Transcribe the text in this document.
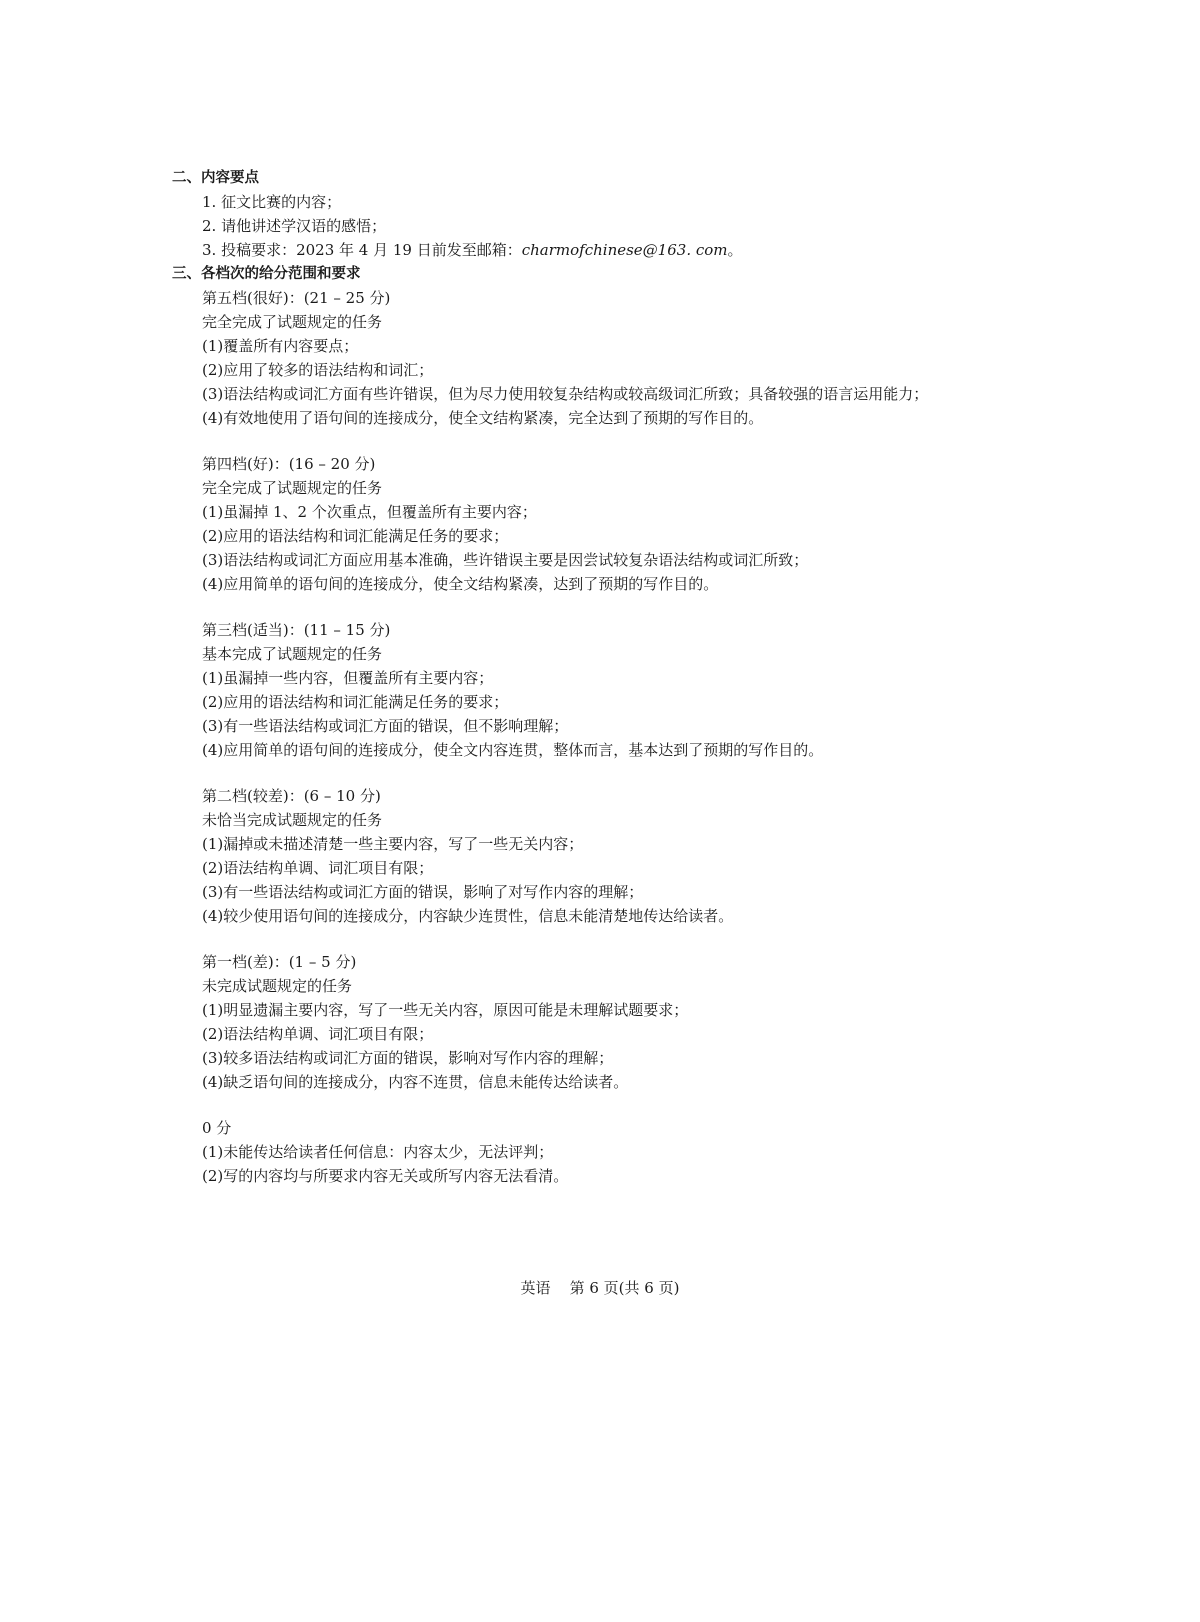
二、内容要点
1. 征文比赛的内容；
2. 请他讲述学汉语的感悟；
3. 投稿要求：2023 年 4 月 19 日前发至邮箱：charmofchinese@163. com。
三、各档次的给分范围和要求
第五档(很好)：(21 – 25 分)
完全完成了试题规定的任务
(1)覆盖所有内容要点；
(2)应用了较多的语法结构和词汇；
(3)语法结构或词汇方面有些许错误，但为尽力使用较复杂结构或较高级词汇所致；具备较强的语言运用能力；
(4)有效地使用了语句间的连接成分，使全文结构紧凑，完全达到了预期的写作目的。
第四档(好)：(16 – 20 分)
完全完成了试题规定的任务
(1)虽漏掉 1、2 个次重点，但覆盖所有主要内容；
(2)应用的语法结构和词汇能满足任务的要求；
(3)语法结构或词汇方面应用基本准确，些许错误主要是因尝试较复杂语法结构或词汇所致；
(4)应用简单的语句间的连接成分，使全文结构紧凑，达到了预期的写作目的。
第三档(适当)：(11 – 15 分)
基本完成了试题规定的任务
(1)虽漏掉一些内容，但覆盖所有主要内容；
(2)应用的语法结构和词汇能满足任务的要求；
(3)有一些语法结构或词汇方面的错误，但不影响理解；
(4)应用简单的语句间的连接成分，使全文内容连贯，整体而言，基本达到了预期的写作目的。
第二档(较差)：(6 – 10 分)
未恰当完成试题规定的任务
(1)漏掉或未描述清楚一些主要内容，写了一些无关内容；
(2)语法结构单调、词汇项目有限；
(3)有一些语法结构或词汇方面的错误，影响了对写作内容的理解；
(4)较少使用语句间的连接成分，内容缺少连贯性，信息未能清楚地传达给读者。
第一档(差)：(1 – 5 分)
未完成试题规定的任务
(1)明显遗漏主要内容，写了一些无关内容，原因可能是未理解试题要求；
(2)语法结构单调、词汇项目有限；
(3)较多语法结构或词汇方面的错误，影响对写作内容的理解；
(4)缺乏语句间的连接成分，内容不连贯，信息未能传达给读者。
0 分
(1)未能传达给读者任何信息：内容太少，无法评判；
(2)写的内容均与所要求内容无关或所写内容无法看清。
英语    第 6 页(共 6 页)
